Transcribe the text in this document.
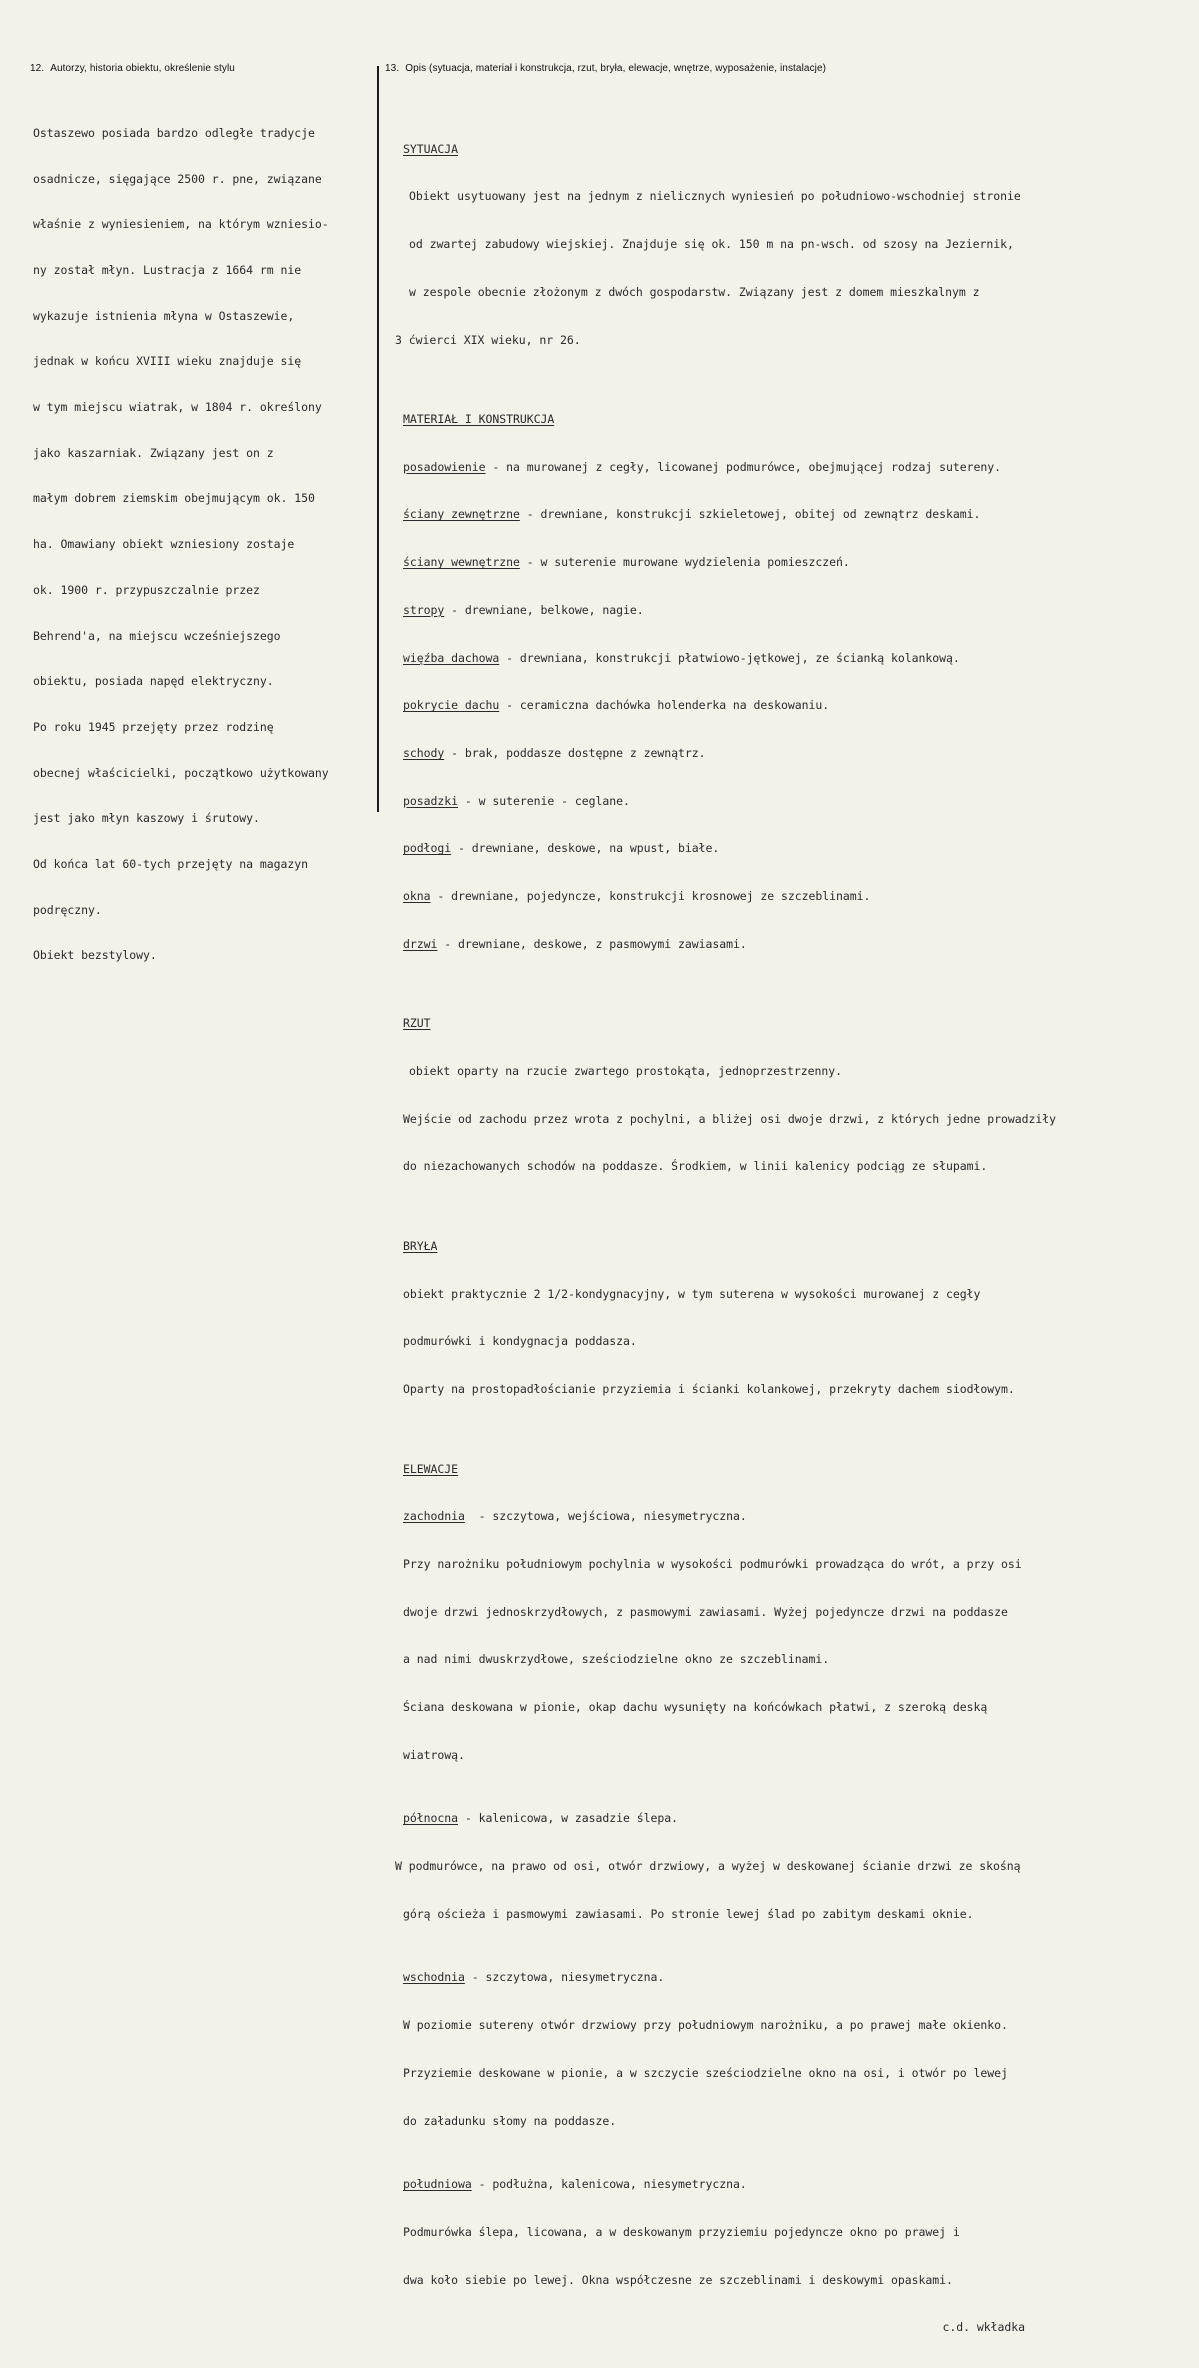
12. Autorzy, historia obiektu, określenie stylu	13. Opis (sytuacja, materiał i konstrukcja, rzut, bryła, elewacje, wnętrze, wyposażenie, instalacje)

Ostaszewo posiada bardzo odległe tradycje

osadnicze, sięgające 2500 r. pne, związane

właśnie z wyniesieniem, na którym wzniesio-

ny został młyn. Lustracja z 1664 rm nie

wykazuje istnienia młyna w Ostaszewie,

jednak w końcu XVIII wieku znajduje się

w tym miejscu wiatrak, w 1804 r. określony

jako kaszarniak. Związany jest on z

małym dobrem ziemskim obejmującym ok. 150

ha. Omawiany obiekt wzniesiony zostaje

ok. 1900 r. przypuszczalnie przez

Behrend'a, na miejscu wcześniejszego

obiektu, posiada napęd elektryczny.

Po roku 1945 przejęty przez rodzinę

obecnej właścicielki, początkowo użytkowany

jest jako młyn kaszowy i śrutowy.

Od końca lat 60-tych przejęty na magazyn

podręczny.

Obiekt bezstylowy.

SYTUACJA

Obiekt usytuowany jest na jednym z nielicznych wyniesień po południowo-wschodniej stronie

od zwartej zabudowy wiejskiej. Znajduje się ok. 150 m na pn-wsch. od szosy na Jeziernik,

w zespole obecnie złożonym z dwóch gospodarstw. Związany jest z domem mieszkalnym z

3 ćwierci XIX wieku, nr 26.

MATERIAŁ I KONSTRUKCJA

posadowienie - na murowanej z cegły, licowanej podmurówce, obejmującej rodzaj sutereny.

ściany zewnętrzne - drewniane, konstrukcji szkieletowej, obitej od zewnątrz deskami.

ściany wewnętrzne - w suterenie murowane wydzielenia pomieszczeń.

stropy - drewniane, belkowe, nagie.

więźba dachowa - drewniana, konstrukcji płatwiowo-jętkowej, ze ścianką kolankową.

pokrycie dachu - ceramiczna dachówka holenderka na deskowaniu.

schody - brak, poddasze dostępne z zewnątrz.

posadzki - w suterenie - ceglane.

podłogi - drewniane, deskowe, na wpust, białe.

okna - drewniane, pojedyncze, konstrukcji krosnowej ze szczeblinami.

drzwi - drewniane, deskowe, z pasmowymi zawiasami.

RZUT

obiekt oparty na rzucie zwartego prostokąta, jednoprzestrzenny.

Wejście od zachodu przez wrota z pochylni, a bliżej osi dwoje drzwi, z których jedne prowadziły

do niezachowanych schodów na poddasze. Środkiem, w linii kalenicy podciąg ze słupami.

BRYŁA

obiekt praktycznie 2 1/2-kondygnacyjny, w tym suterena w wysokości murowanej z cegły

podmurówki i kondygnacja poddasza.

Oparty na prostopadłościanie przyziemia i ścianki kolankowej, przekryty dachem siodłowym.

ELEWACJE

zachodnia  - szczytowa, wejściowa, niesymetryczna.

Przy narożniku południowym pochylnia w wysokości podmurówki prowadząca do wrót, a przy osi

dwoje drzwi jednoskrzydłowych, z pasmowymi zawiasami. Wyżej pojedyncze drzwi na poddasze

a nad nimi dwuskrzydłowe, sześciodzielne okno ze szczeblinami.

Ściana deskowana w pionie, okap dachu wysunięty na końcówkach płatwi, z szeroką deską

wiatrową.

północna - kalenicowa, w zasadzie ślepa.

W podmurówce, na prawo od osi, otwór drzwiowy, a wyżej w deskowanej ścianie drzwi ze skośną

górą ościeża i pasmowymi zawiasami. Po stronie lewej ślad po zabitym deskami oknie.

wschodnia - szczytowa, niesymetryczna.

W poziomie sutereny otwór drzwiowy przy południowym narożniku, a po prawej małe okienko.

Przyziemie deskowane w pionie, a w szczycie sześciodzielne okno na osi, i otwór po lewej

do załadunku słomy na poddasze.

południowa - podłużna, kalenicowa, niesymetryczna.

Podmurówka ślepa, licowana, a w deskowanym przyziemiu pojedyncze okno po prawej i

dwa koło siebie po lewej. Okna współczesne ze szczeblinami i deskowymi opaskami.

c.d. wkładka
